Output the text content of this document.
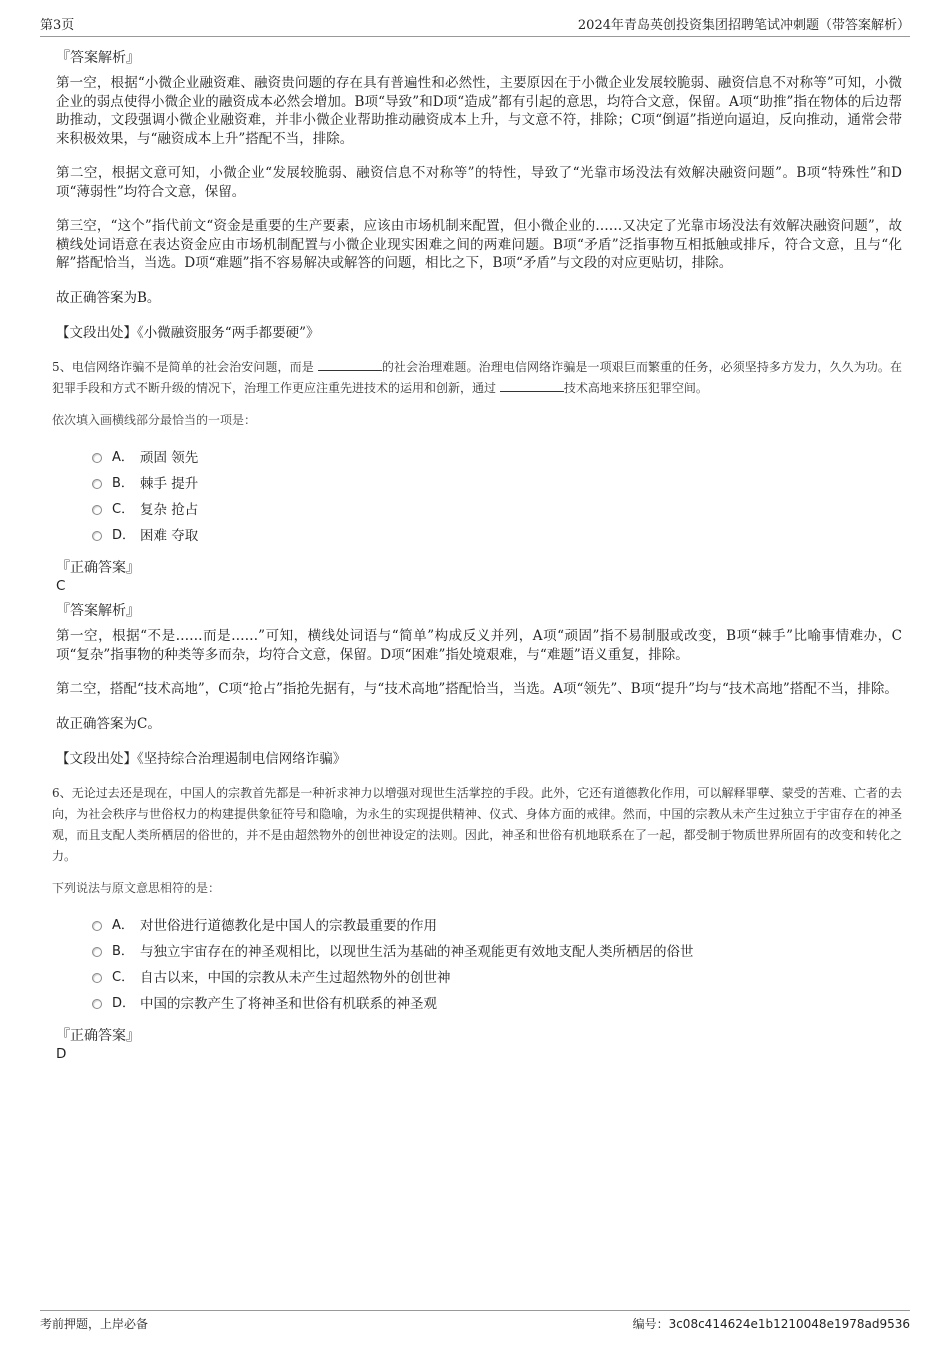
第3页	2024年青岛英创投资集团招聘笔试冲刺题（带答案解析）
『答案解析』

第一空，根据“小微企业融资难、融资贵问题的存在具有普遍性和必然性，主要原因在于小微企业发展较脆弱、融资信息不对称等”可知，小微企业的弱点使得小微企业的融资成本必然会增加。B项“导致”和D项“造成”都有引起的意思，均符合文意，保留。A项“助推”指在物体的后边帮助推动，文段强调小微企业融资难，并非小微企业帮助推动融资成本上升，与文意不符，排除；C项“倒逼”指逆向逼迫，反向推动，通常会带来积极效果，与“融资成本上升”搭配不当，排除。

第二空，根据文意可知，小微企业“发展较脆弱、融资信息不对称等”的特性，导致了“光靠市场没法有效解决融资问题”。B项“特殊性”和D项“薄弱性”均符合文意，保留。

第三空，“这个”指代前文“资金是重要的生产要素，应该由市场机制来配置，但小微企业的……又决定了光靠市场没法有效解决融资问题”，故横线处词语意在表达资金应由市场机制配置与小微企业现实困难之间的两难问题。B项“矛盾”泛指事物互相抵触或排斥，符合文意，且与“化解”搭配恰当，当选。D项“难题”指不容易解决或解答的问题，相比之下，B项“矛盾”与文段的对应更贴切，排除。

故正确答案为B。

【文段出处】《小微融资服务“两手都要硬”》
5、电信网络诈骗不是简单的社会治安问题，而是	的社会治理难题。治理电信网络诈骗是一项艰巨而繁重的任务，必须坚持多方发力，久久为功。在犯罪手段和方式不断升级的情况下，治理工作更应注重先进技术的运用和创新，通过	技术高地来挤压犯罪空间。
依次填入画横线部分最恰当的一项是：
A． 顽固 领先
B． 棘手 提升
C． 复杂 抢占
D． 困难 夺取
『正确答案』
C
『答案解析』

第一空，根据“不是……而是……”可知，横线处词语与“简单”构成反义并列，A项“顽固”指不易制服或改变，B项“棘手”比喻事情难办，C项“复杂”指事物的种类等多而杂，均符合文意，保留。D项“困难”指处境艰难，与“难题”语义重复，排除。

第二空，搭配“技术高地”，C项“抢占”指抢先据有，与“技术高地”搭配恰当，当选。A项“领先”、B项“提升”均与“技术高地”搭配不当，排除。

故正确答案为C。

【文段出处】《坚持综合治理遏制电信网络诈骗》
6、无论过去还是现在，中国人的宗教首先都是一种祈求神力以增强对现世生活掌控的手段。此外，它还有道德教化作用，可以解释罪孽、蒙受的苦难、亡者的去向，为社会秩序与世俗权力的构建提供象征符号和隐喻，为永生的实现提供精神、仪式、身体方面的戒律。然而，中国的宗教从未产生过独立于宇宙存在的神圣观，而且支配人类所栖居的俗世的，并不是由超然物外的创世神设定的法则。因此，神圣和世俗有机地联系在了一起，都受制于物质世界所固有的改变和转化之力。
下列说法与原文意思相符的是：
A． 对世俗进行道德教化是中国人的宗教最重要的作用
B． 与独立宇宙存在的神圣观相比，以现世生活为基础的神圣观能更有效地支配人类所栖居的俗世
C． 自古以来，中国的宗教从未产生过超然物外的创世神
D． 中国的宗教产生了将神圣和世俗有机联系的神圣观
『正确答案』
D
考前押题，上岸必备	编号：3c08c414624e1b1210048e1978ad9536
